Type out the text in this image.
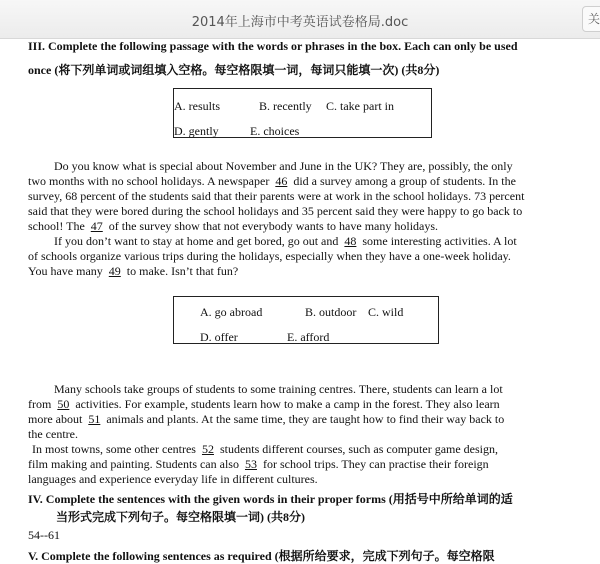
2014年上海市中考英语试卷格局.doc	关
III. Complete the following passage with the words or phrases in the box. Each can only be used
once (将下列单词或词组填入空格。每空格限填一词，每词只能填一次) (共8分)
A. results	B. recently C. take part in
D. gently	E. choices
Do you know what is special about November and June in the UK? They are, possibly, the only
two months with no school holidays. A newspaper 46 did a survey among a group of students. In the
survey, 68 percent of the students said that their parents were at work in the school holidays. 73 percent
said that they were bored during the school holidays and 35 percent said they were happy to go back to
school! The 47 of the survey show that not everybody wants to have many holidays.
If you don’t want to stay at home and get bored, go out and 48 some interesting activities. A lot
of schools organize various trips during the holidays, especially when they have a one-week holiday.
You have many 49 to make. Isn’t that fun?
A. go abroad	B. outdoor C. wild
D. offer	E. afford
Many schools take groups of students to some training centres. There, students can learn a lot
from 50 activities. For example, students learn how to make a camp in the forest. They also learn
more about 51 animals and plants. At the same time, they are taught how to find their way back to
the centre.
In most towns, some other centres 52 students different courses, such as computer game design,
film making and painting. Students can also 53 for school trips. They can practise their foreign
languages and experience everyday life in different cultures.
IV. Complete the sentences with the given words in their proper forms (用括号中所给单词的适
当形式完成下列句子。每空格限填一词) (共8分)
54--61
V. Complete the following sentences as required (根据所给要求，完成下列句子。每空格限
